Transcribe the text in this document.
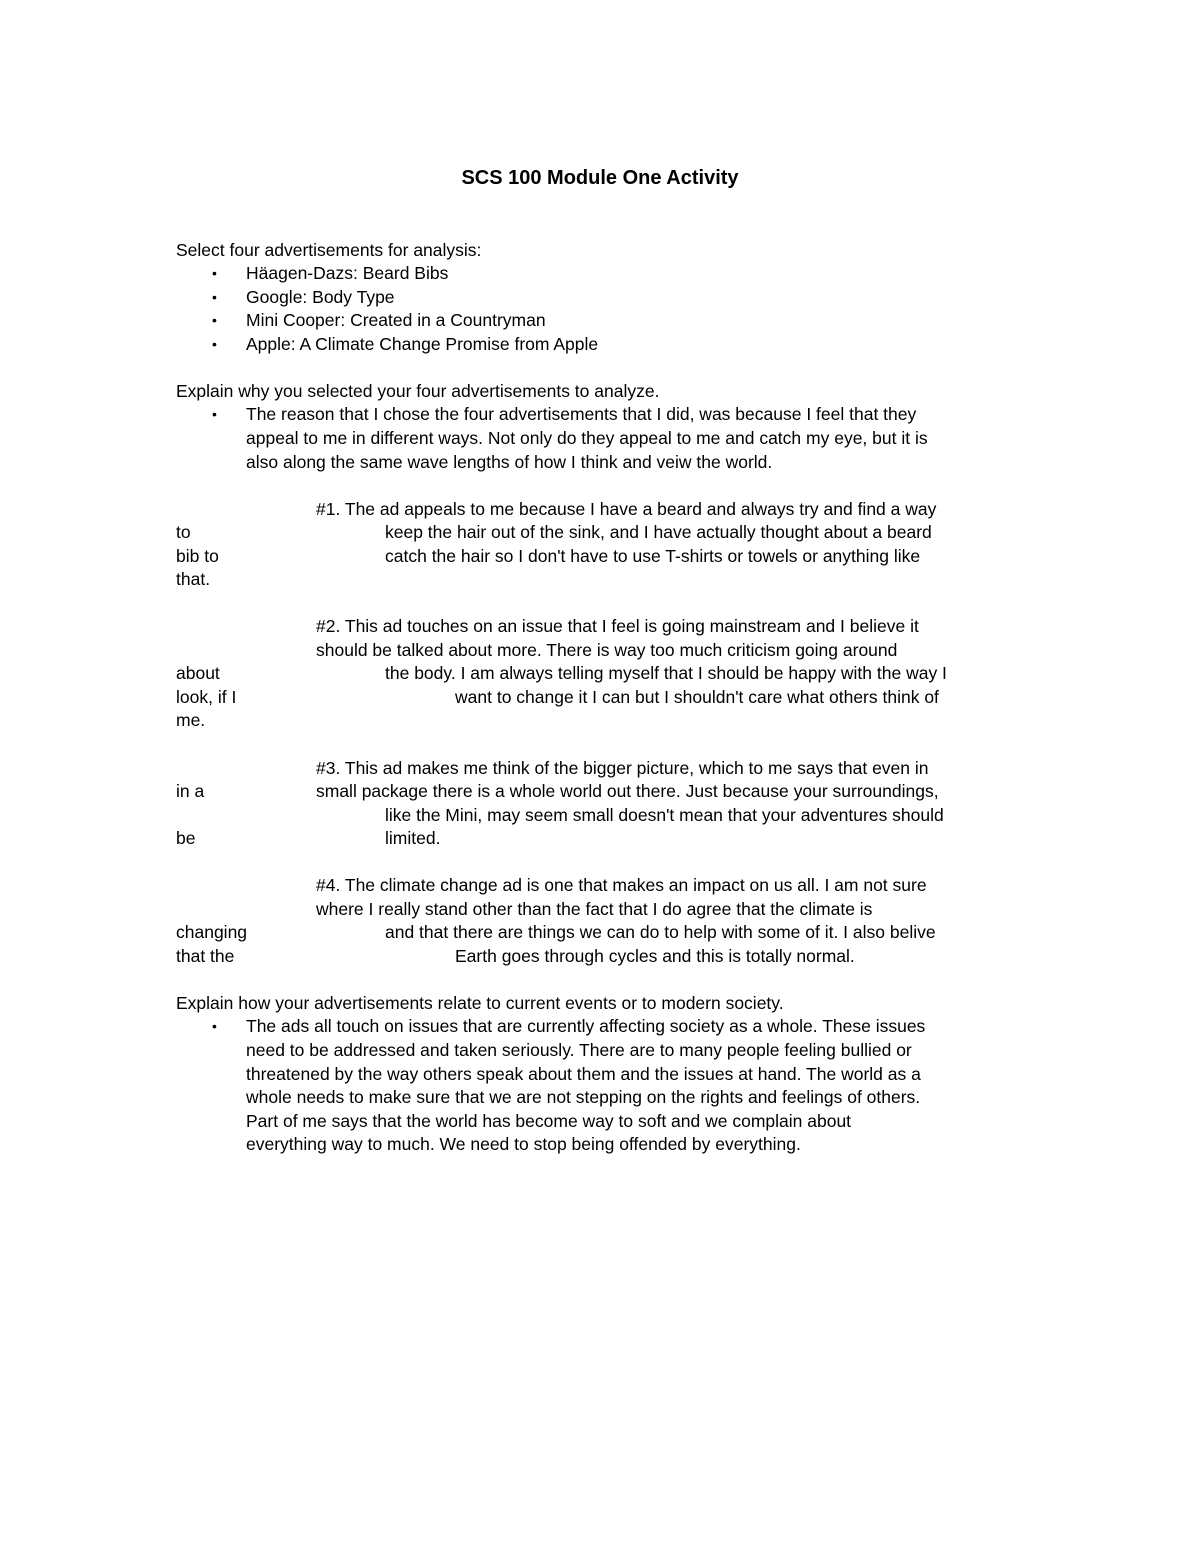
SCS 100 Module One Activity
Select four advertisements for analysis:
• Häagen-Dazs: Beard Bibs
• Google: Body Type
• Mini Cooper: Created in a Countryman
• Apple: A Climate Change Promise from Apple
Explain why you selected your four advertisements to analyze.
• The reason that I chose the four advertisements that I did, was because I feel that they
appeal to me in different ways. Not only do they appeal to me and catch my eye, but it is
also along the same wave lengths of how I think and veiw the world.
#1. The ad appeals to me because I have a beard and always try and find a way
to	keep the hair out of the sink, and I have actually thought about a beard
bib to	catch the hair so I don't have to use T-shirts or towels or anything like
that.
#2. This ad touches on an issue that I feel is going mainstream and I believe it
should be talked about more. There is way too much criticism going around
about	the body. I am always telling myself that I should be happy with the way I
look, if I	want to change it I can but I shouldn't care what others think of
me.
#3. This ad makes me think of the bigger picture, which to me says that even in
in a	small package there is a whole world out there. Just because your surroundings,
like the Mini, may seem small doesn't mean that your adventures should
be	limited.
#4. The climate change ad is one that makes an impact on us all. I am not sure
where I really stand other than the fact that I do agree that the climate is
changing	and that there are things we can do to help with some of it. I also belive
that the	Earth goes through cycles and this is totally normal.
Explain how your advertisements relate to current events or to modern society.
• The ads all touch on issues that are currently affecting society as a whole. These issues
need to be addressed and taken seriously. There are to many people feeling bullied or
threatened by the way others speak about them and the issues at hand. The world as a
whole needs to make sure that we are not stepping on the rights and feelings of others.
Part of me says that the world has become way to soft and we complain about
everything way to much. We need to stop being offended by everything.
